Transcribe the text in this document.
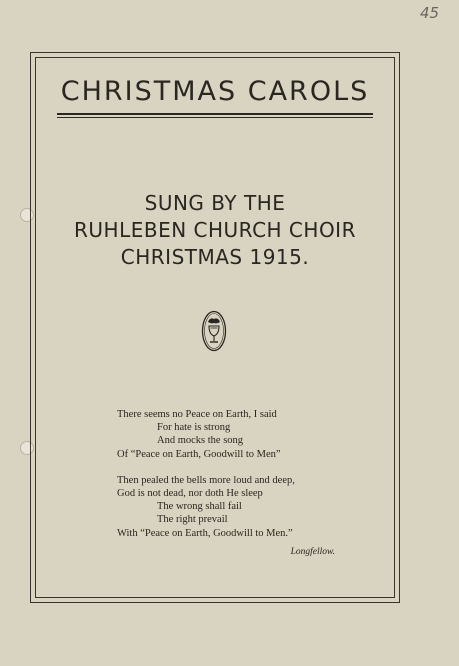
45
CHRISTMAS CAROLS
SUNG BY THE
RUHLEBEN CHURCH CHOIR
CHRISTMAS 1915.
There seems no Peace on Earth, I said
For hate is strong
And mocks the song
Of “Peace on Earth, Goodwill to Men”
Then pealed the bells more loud and deep,
God is not dead, nor doth He sleep
The wrong shall fail
The right prevail
With “Peace on Earth, Goodwill to Men.”
Longfellow.
